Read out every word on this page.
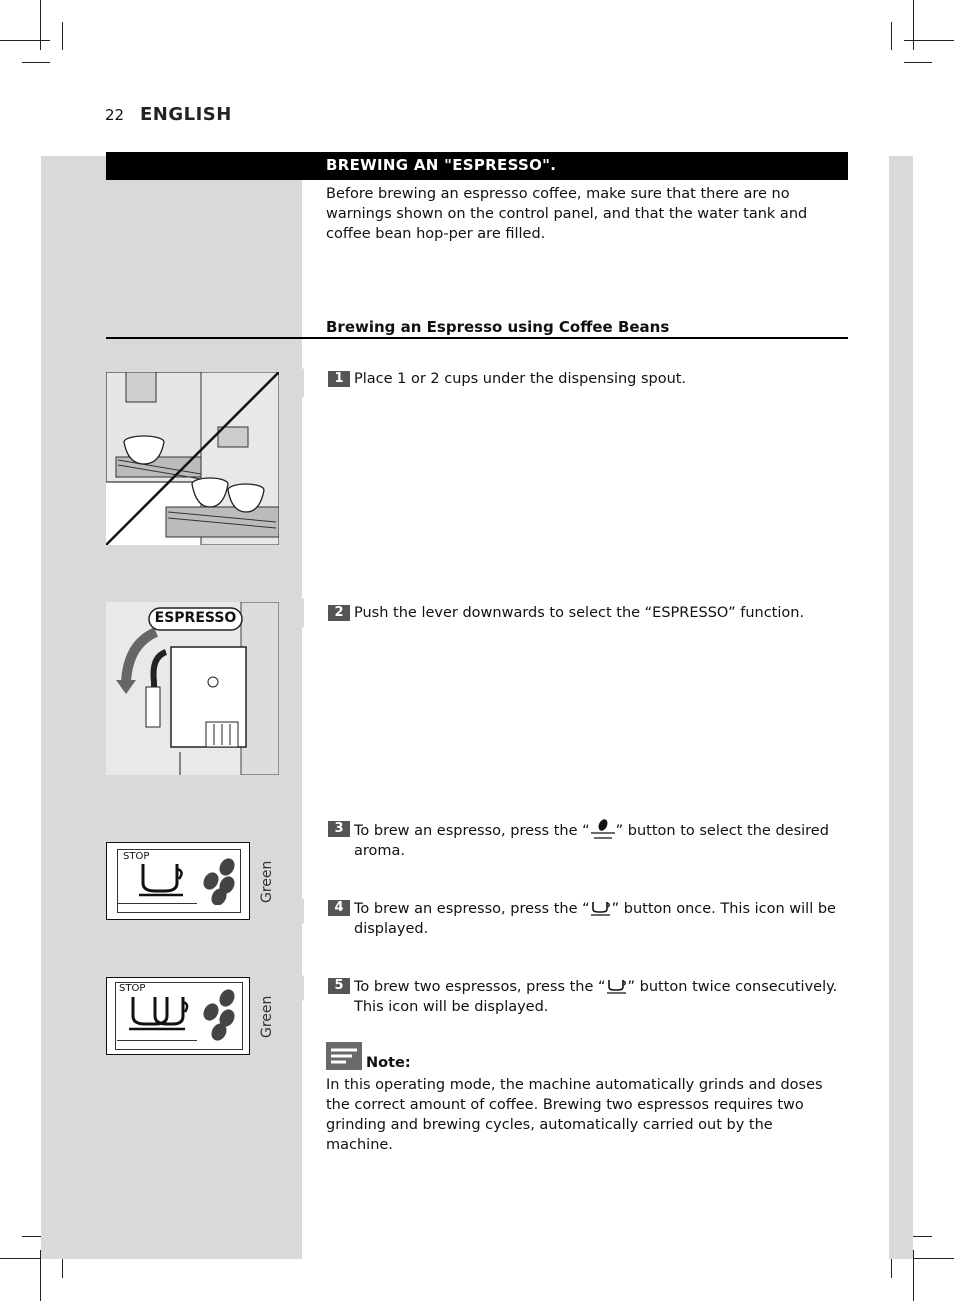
22 ENGLISH
BREWING AN "ESPRESSO".
Before brewing an espresso coffee, make sure that there are no warnings shown on the control panel, and that the water tank and coffee bean hop-per are filled.
Brewing an Espresso using Coffee Beans
1 Place 1 or 2 cups under the dispensing spout.
ESPRESSO	2 Push the lever downwards to select the “ESPRESSO” function.
STOP
Green
3 To brew an espresso, press the “ ” button to select the desired aroma.
4 To brew an espresso, press the “ ” button once. This icon will be displayed.
STOP
Green
5 To brew two espressos, press the “ ” button twice consecutively. This icon will be displayed.
Note:
In this operating mode, the machine automatically grinds and doses the correct amount of coffee. Brewing two espressos requires two grinding and brewing cycles, automatically carried out by the machine.
